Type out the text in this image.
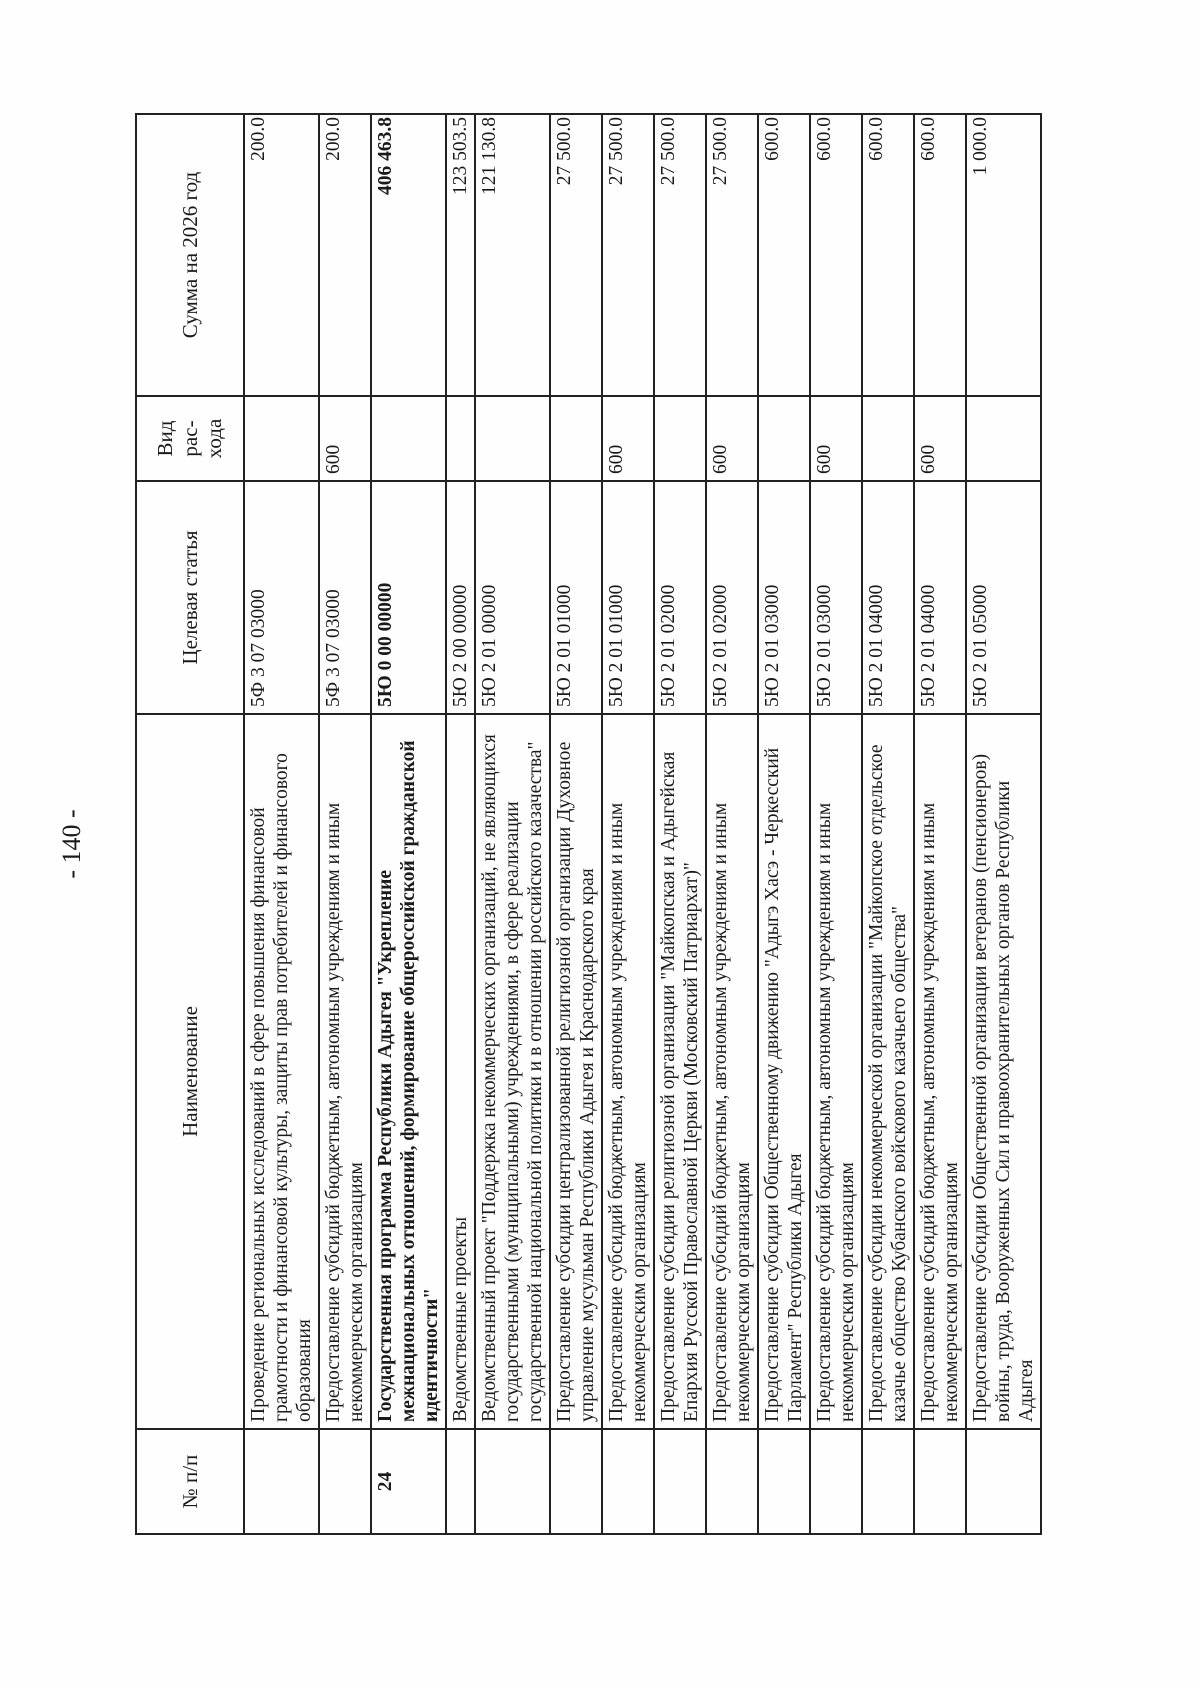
- 140 -
№ п/п	Наименование	Целевая статья	Вид рас- хода	Сумма на 2026 год
	Проведение региональных исследований в сфере повышения финансовой грамотности и финансовой культуры, защиты прав потребителей и финансового образования	5Ф 3 07 03000		200.0
	Предоставление субсидий бюджетным, автономным учреждениям и иным некоммерческим организациям	5Ф 3 07 03000	600	200.0
24	Государственная программа Республики Адыгея "Укрепление межнациональных отношений, формирование общероссийской гражданской идентичности"	5Ю 0 00 00000		406 463.8
	Ведомственные проекты	5Ю 2 00 00000		123 503.5
	Ведомственный проект "Поддержка некоммерческих организаций, не являющихся государственными (муниципальными) учреждениями, в сфере реализации государственной национальной политики и в отношении российского казачества"	5Ю 2 01 00000		121 130.8
	Предоставление субсидии централизованной религиозной организации Духовное управление мусульман Республики Адыгея и Краснодарского края	5Ю 2 01 01000		27 500.0
	Предоставление субсидий бюджетным, автономным учреждениям и иным некоммерческим организациям	5Ю 2 01 01000	600	27 500.0
	Предоставление субсидии религиозной организации "Майкопская и Адыгейская Епархия Русской Православной Церкви (Московский Патриархат)"	5Ю 2 01 02000		27 500.0
	Предоставление субсидий бюджетным, автономным учреждениям и иным некоммерческим организациям	5Ю 2 01 02000	600	27 500.0
	Предоставление субсидии Общественному движению "Адыгэ Хасэ - Черкесский Парламент" Республики Адыгея	5Ю 2 01 03000		600.0
	Предоставление субсидий бюджетным, автономным учреждениям и иным некоммерческим организациям	5Ю 2 01 03000	600	600.0
	Предоставление субсидии некоммерческой организации "Майкопское отдельское казачье общество Кубанского войскового казачьего общества"	5Ю 2 01 04000		600.0
	Предоставление субсидий бюджетным, автономным учреждениям и иным некоммерческим организациям	5Ю 2 01 04000	600	600.0
	Предоставление субсидии Общественной организации ветеранов (пенсионеров) войны, труда, Вооруженных Сил и правоохранительных органов Республики Адыгея	5Ю 2 01 05000		1 000.0
